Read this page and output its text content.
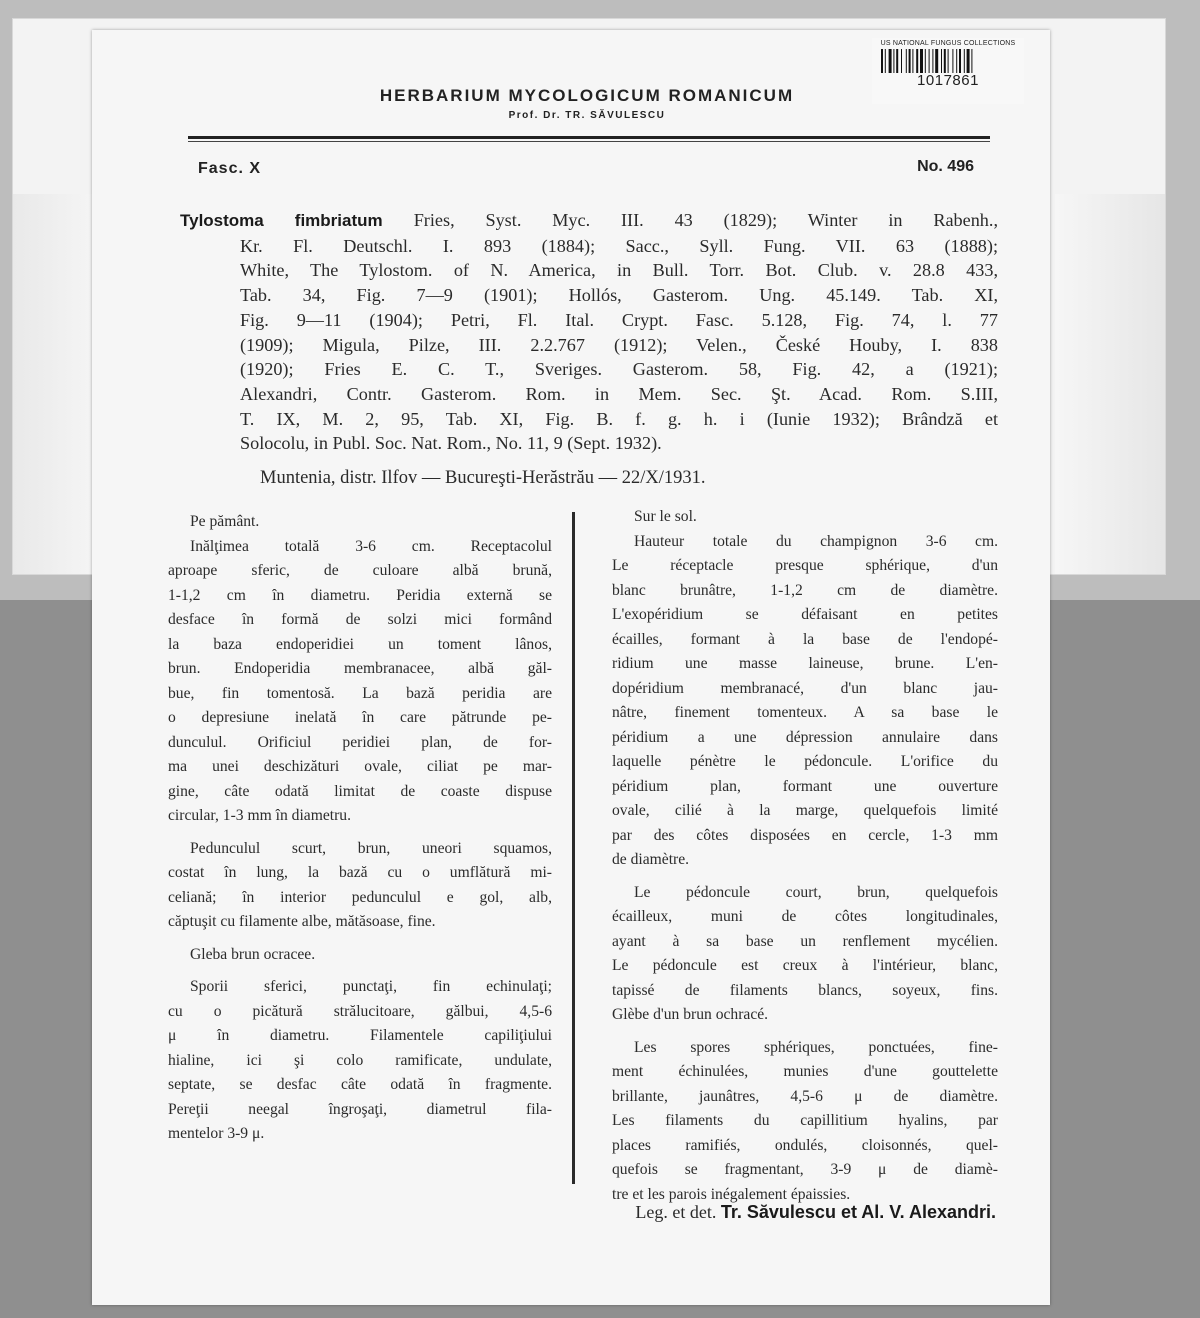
US NATIONAL FUNGUS COLLECTIONS
1017861
HERBARIUM MYCOLOGICUM ROMANICUM
Prof. Dr. TR. SĂVULESCU
Fasc. X	No. 496
Tylostoma fimbriatum Fries, Syst. Myc. III. 43 (1829); Winter in Rabenh.,
Kr. Fl. Deutschl. I. 893 (1884); Sacc., Syll. Fung. VII. 63 (1888);
White, The Tylostom. of N. America, in Bull. Torr. Bot. Club. v. 28.8 433,
Tab. 34, Fig. 7—9 (1901); Hollós, Gasterom. Ung. 45.149. Tab. XI,
Fig. 9—11 (1904); Petri, Fl. Ital. Crypt. Fasc. 5.128, Fig. 74, l. 77
(1909); Migula, Pilze, III. 2.2.767 (1912); Velen., České Houby, I. 838
(1920); Fries E. C. T., Sveriges. Gasterom. 58, Fig. 42, a (1921);
Alexandri, Contr. Gasterom. Rom. in Mem. Sec. Şt. Acad. Rom. S.III,
T. IX, M. 2, 95, Tab. XI, Fig. B. f. g. h. i (Iunie 1932); Brândză et
Solocolu, in Publ. Soc. Nat. Rom., No. 11, 9 (Sept. 1932).
Muntenia, distr. Ilfov — Bucureşti-Herăstrău — 22/X/1931.
Pe pământ.
Inălţimea totală 3-6 cm. Receptacolul
aproape sferic, de culoare albă brună,
1-1,2 cm în diametru. Peridia externă se
desface în formă de solzi mici formând
la baza endoperidiei un toment lânos,
brun. Endoperidia membranacee, albă găl-
bue, fin tomentosă. La bază peridia are
o depresiune inelată în care pătrunde pe-
dunculul. Orificiul peridiei plan, de for-
ma unei deschizături ovale, ciliat pe mar-
gine, câte odată limitat de coaste dispuse
circular, 1-3 mm în diametru.
Pedunculul scurt, brun, uneori squamos,
costat în lung, la bază cu o umflătură mi-
celiană; în interior pedunculul e gol, alb,
căptuşit cu filamente albe, mătăsoase, fine.
Gleba brun ocracee.
Sporii sferici, punctaţi, fin echinulaţi;
cu o picătură strălucitoare, gălbui, 4,5-6
μ în diametru. Filamentele capiliţiului
hialine, ici şi colo ramificate, undulate,
septate, se desfac câte odată în fragmente.
Pereţii neegal îngroşaţi, diametrul fila-
mentelor 3-9 μ.
Sur le sol.
Hauteur totale du champignon 3-6 cm.
Le réceptacle presque sphérique, d'un
blanc brunâtre, 1-1,2 cm de diamètre.
L'exopéridium se défaisant en petites
écailles, formant à la base de l'endopé-
ridium une masse laineuse, brune. L'en-
dopéridium membranacé, d'un blanc jau-
nâtre, finement tomenteux. A sa base le
péridium a une dépression annulaire dans
laquelle pénètre le pédoncule. L'orifice du
péridium plan, formant une ouverture
ovale, cilié à la marge, quelquefois limité
par des côtes disposées en cercle, 1-3 mm
de diamètre.
Le pédoncule court, brun, quelquefois
écailleux, muni de côtes longitudinales,
ayant à sa base un renflement mycélien.
Le pédoncule est creux à l'intérieur, blanc,
tapissé de filaments blancs, soyeux, fins.
Glèbe d'un brun ochracé.
Les spores sphériques, ponctuées, fine-
ment échinulées, munies d'une gouttelette
brillante, jaunâtres, 4,5-6 μ de diamètre.
Les filaments du capillitium hyalins, par
places ramifiés, ondulés, cloisonnés, quel-
quefois se fragmentant, 3-9 μ de diamè-
tre et les parois inégalement épaissies.
Leg. et det. Tr. Săvulescu et Al. V. Alexandri.
